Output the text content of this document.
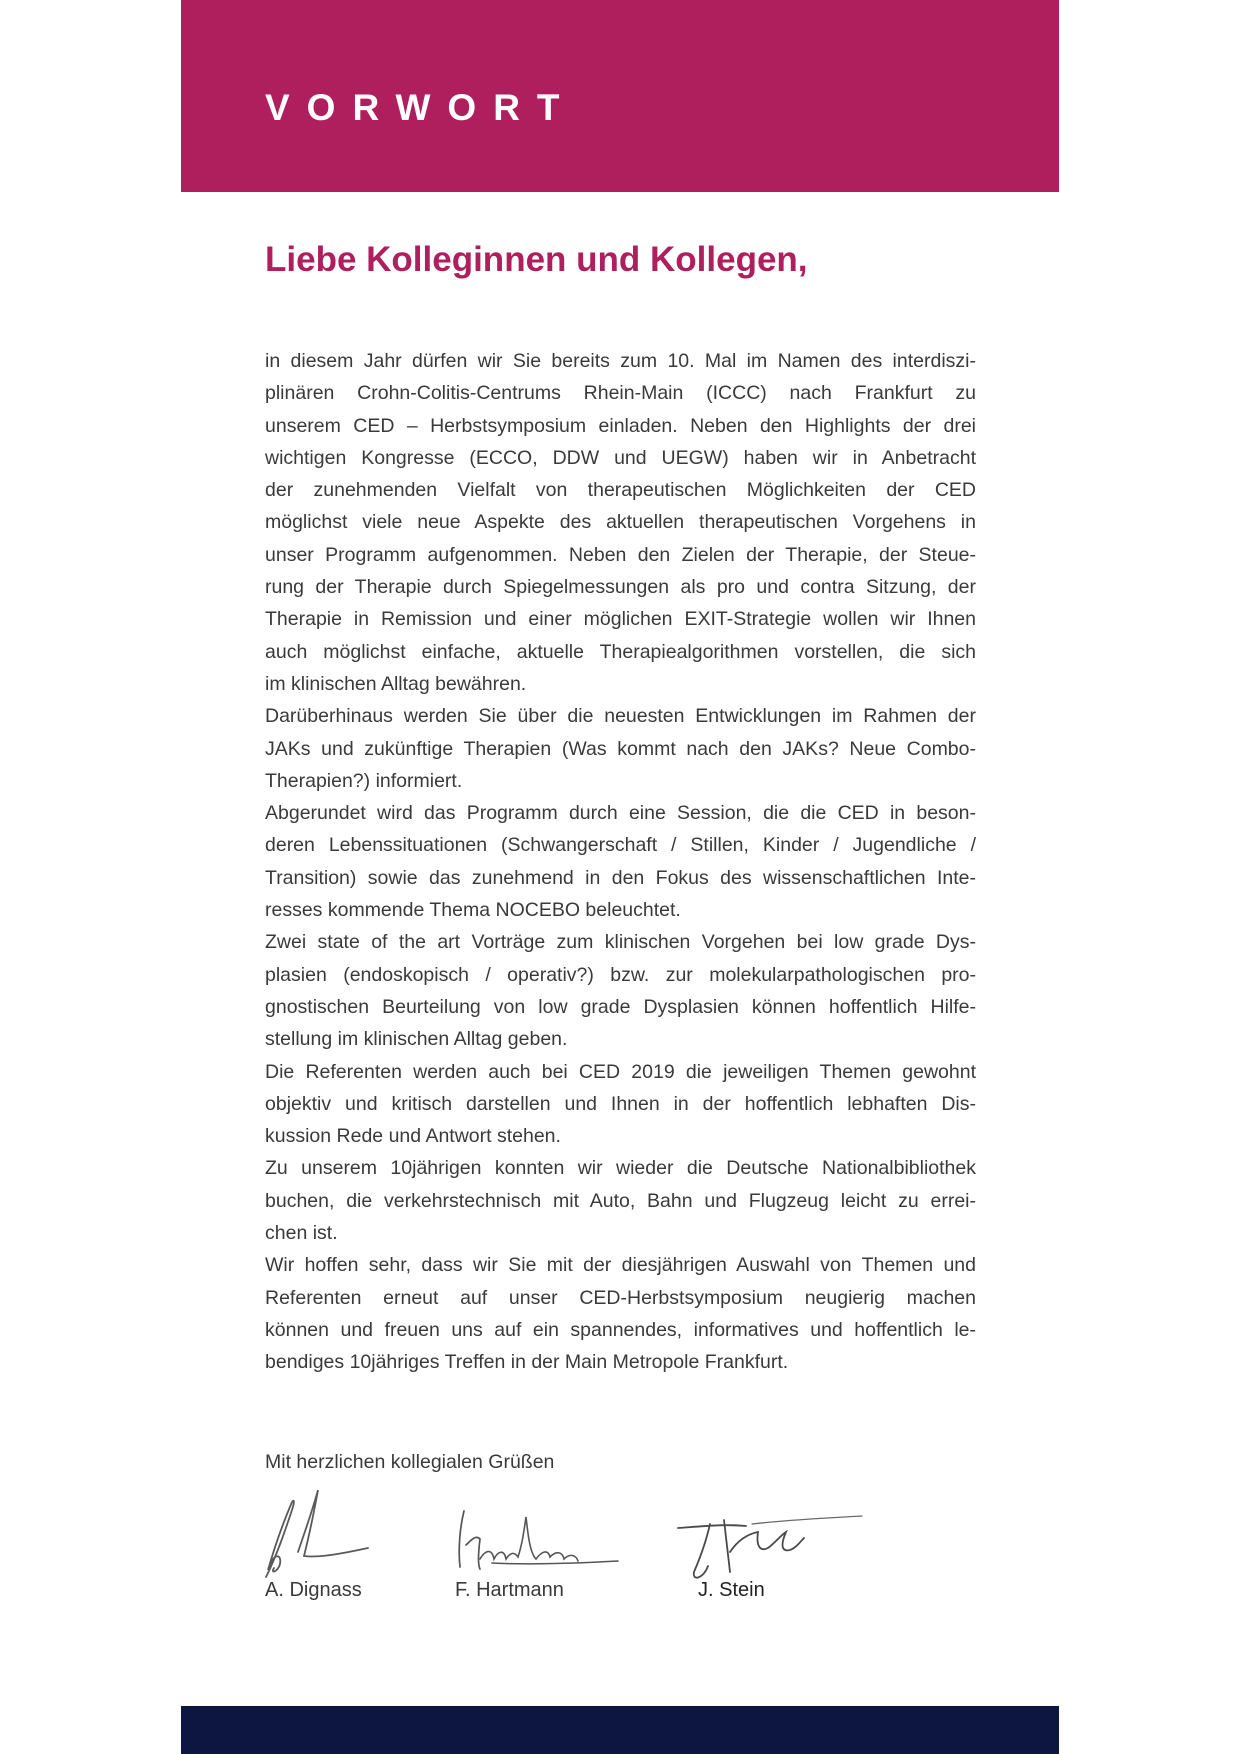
VORWORT
Liebe Kolleginnen und Kollegen,
in diesem Jahr dürfen wir Sie bereits zum 10. Mal im Namen des interdiszi-
plinären Crohn-Colitis-Centrums Rhein-Main (ICCC) nach Frankfurt zu
unserem CED – Herbstsymposium einladen. Neben den Highlights der drei
wichtigen Kongresse (ECCO, DDW und UEGW) haben wir in Anbetracht
der zunehmenden Vielfalt von therapeutischen Möglichkeiten der CED
möglichst viele neue Aspekte des aktuellen therapeutischen Vorgehens in
unser Programm aufgenommen. Neben den Zielen der Therapie, der Steue-
rung der Therapie durch Spiegelmessungen als pro und contra Sitzung, der
Therapie in Remission und einer möglichen EXIT-Strategie wollen wir Ihnen
auch möglichst einfache, aktuelle Therapiealgorithmen vorstellen, die sich
im klinischen Alltag bewähren.
Darüberhinaus werden Sie über die neuesten Entwicklungen im Rahmen der
JAKs und zukünftige Therapien (Was kommt nach den JAKs? Neue Combo-
Therapien?) informiert.
Abgerundet wird das Programm durch eine Session, die die CED in beson-
deren Lebenssituationen (Schwangerschaft / Stillen, Kinder / Jugendliche /
Transition) sowie das zunehmend in den Fokus des wissenschaftlichen Inte-
resses kommende Thema NOCEBO beleuchtet.
Zwei state of the art Vorträge zum klinischen Vorgehen bei low grade Dys-
plasien (endoskopisch / operativ?) bzw. zur molekularpathologischen pro-
gnostischen Beurteilung von low grade Dysplasien können hoffentlich Hilfe-
stellung im klinischen Alltag geben.
Die Referenten werden auch bei CED 2019 die jeweiligen Themen gewohnt
objektiv und kritisch darstellen und Ihnen in der hoffentlich lebhaften Dis-
kussion Rede und Antwort stehen.
Zu unserem 10jährigen konnten wir wieder die Deutsche Nationalbibliothek
buchen, die verkehrstechnisch mit Auto, Bahn und Flugzeug leicht zu errei-
chen ist.
Wir hoffen sehr, dass wir Sie mit der diesjährigen Auswahl von Themen und
Referenten erneut auf unser CED-Herbstsymposium neugierig machen
können und freuen uns auf ein spannendes, informatives und hoffentlich le-
bendiges 10jähriges Treffen in der Main Metropole Frankfurt.
Mit herzlichen kollegialen Grüßen
A. Dignass	F. Hartmann	J. Stein
